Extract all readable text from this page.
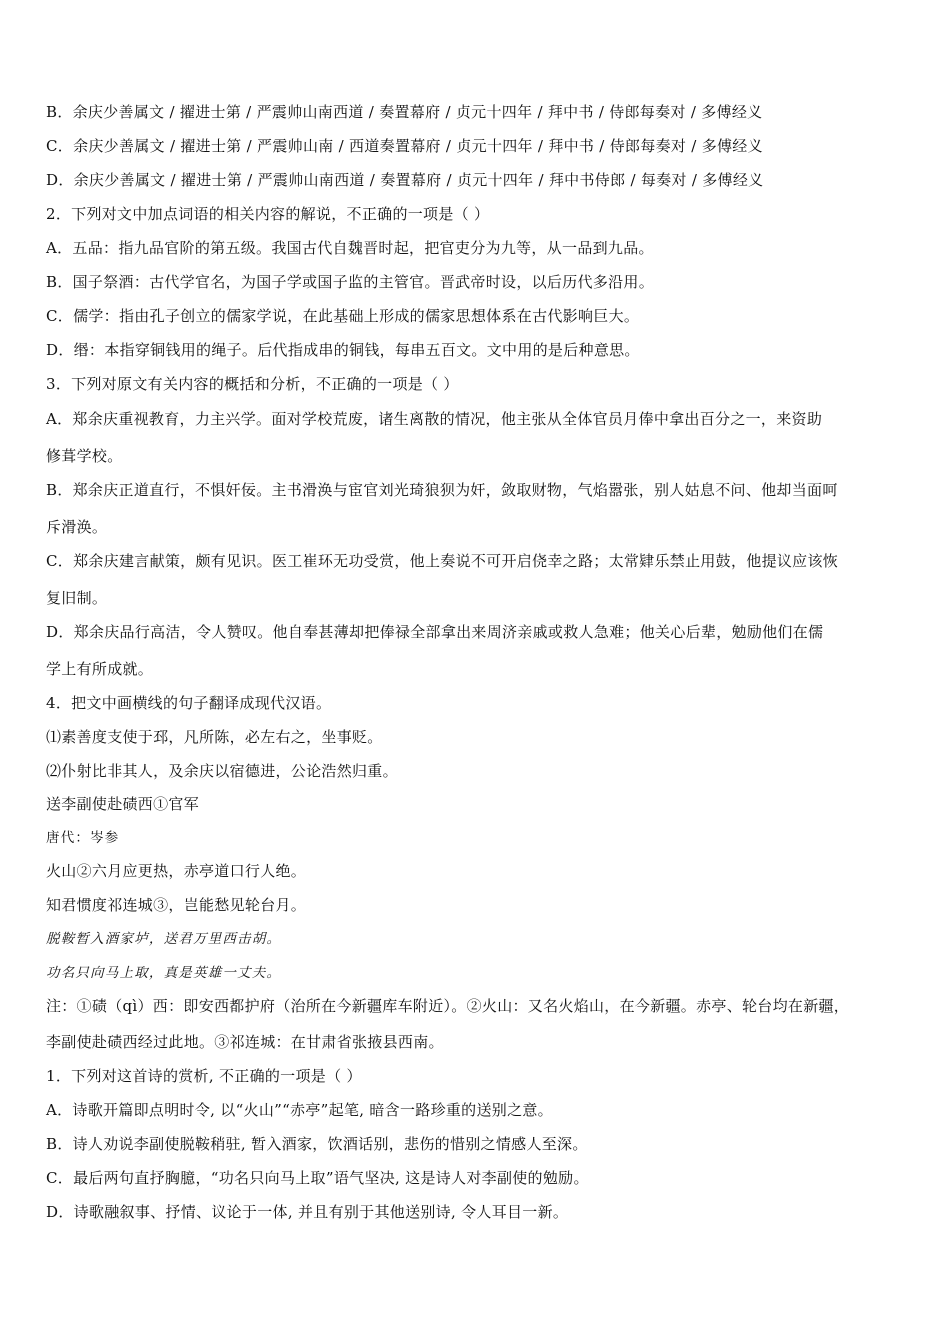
B．余庆少善属文 / 擢进士第 / 严震帅山南西道 / 奏置幕府 / 贞元十四年 / 拜中书 / 侍郎每奏对 / 多傅经义
C．余庆少善属文 / 擢进士第 / 严震帅山南 / 西道奏置幕府 / 贞元十四年 / 拜中书 / 侍郎每奏对 / 多傅经义
D．余庆少善属文 / 擢进士第 / 严震帅山南西道 / 奏置幕府 / 贞元十四年 / 拜中书侍郎 / 每奏对 / 多傅经义
2．下列对文中加点词语的相关内容的解说，不正确的一项是（ ）
A．五品：指九品官阶的第五级。我国古代自魏晋时起，把官吏分为九等，从一品到九品。
B．国子祭酒：古代学官名，为国子学或国子监的主管官。晋武帝时设，以后历代多沿用。
C．儒学：指由孔子创立的儒家学说，在此基础上形成的儒家思想体系在古代影响巨大。
D．缗：本指穿铜钱用的绳子。后代指成串的铜钱，每串五百文。文中用的是后种意思。
3．下列对原文有关内容的概括和分析，不正确的一项是（ ）
A．郑余庆重视教育，力主兴学。面对学校荒废，诸生离散的情况，他主张从全体官员月俸中拿出百分之一，来资助
修葺学校。
B．郑余庆正道直行，不惧奸佞。主书滑涣与宦官刘光琦狼狈为奸，敛取财物，气焰嚣张，别人姑息不问、他却当面呵
斥滑涣。
C．郑余庆建言献策，颇有见识。医工崔环无功受赏，他上奏说不可开启侥幸之路；太常肄乐禁止用鼓，他提议应该恢
复旧制。
D．郑余庆品行高洁，令人赞叹。他自奉甚薄却把俸禄全部拿出来周济亲戚或救人急难；他关心后辈，勉励他们在儒
学上有所成就。
4．把文中画横线的句子翻译成现代汉语。
⑴素善度支使于邳，凡所陈，必左右之，坐事贬。
⑵仆射比非其人，及余庆以宿德进，公论浩然归重。
送李副使赴碛西①官军
唐代：岑参
火山②六月应更热，赤亭道口行人绝。
知君惯度祁连城③，岂能愁见轮台月。
脱鞍暂入酒家垆，送君万里西击胡。
功名只向马上取，真是英雄一丈夫。
注：①碛（qì）西：即安西都护府（治所在今新疆库车附近）。②火山：又名火焰山，在今新疆。赤亭、轮台均在新疆，
李副使赴碛西经过此地。③祁连城：在甘肃省张掖县西南。
1．下列对这首诗的赏析, 不正确的一项是（ ）
A．诗歌开篇即点明时令, 以“火山”“赤亭”起笔, 暗含一路珍重的送别之意。
B．诗人劝说李副使脱鞍稍驻, 暂入酒家，饮酒话别，悲伤的惜别之情感人至深。
C．最后两句直抒胸臆，“功名只向马上取”语气坚决, 这是诗人对李副使的勉励。
D．诗歌融叙事、抒情、议论于一体, 并且有别于其他送别诗, 令人耳目一新。
